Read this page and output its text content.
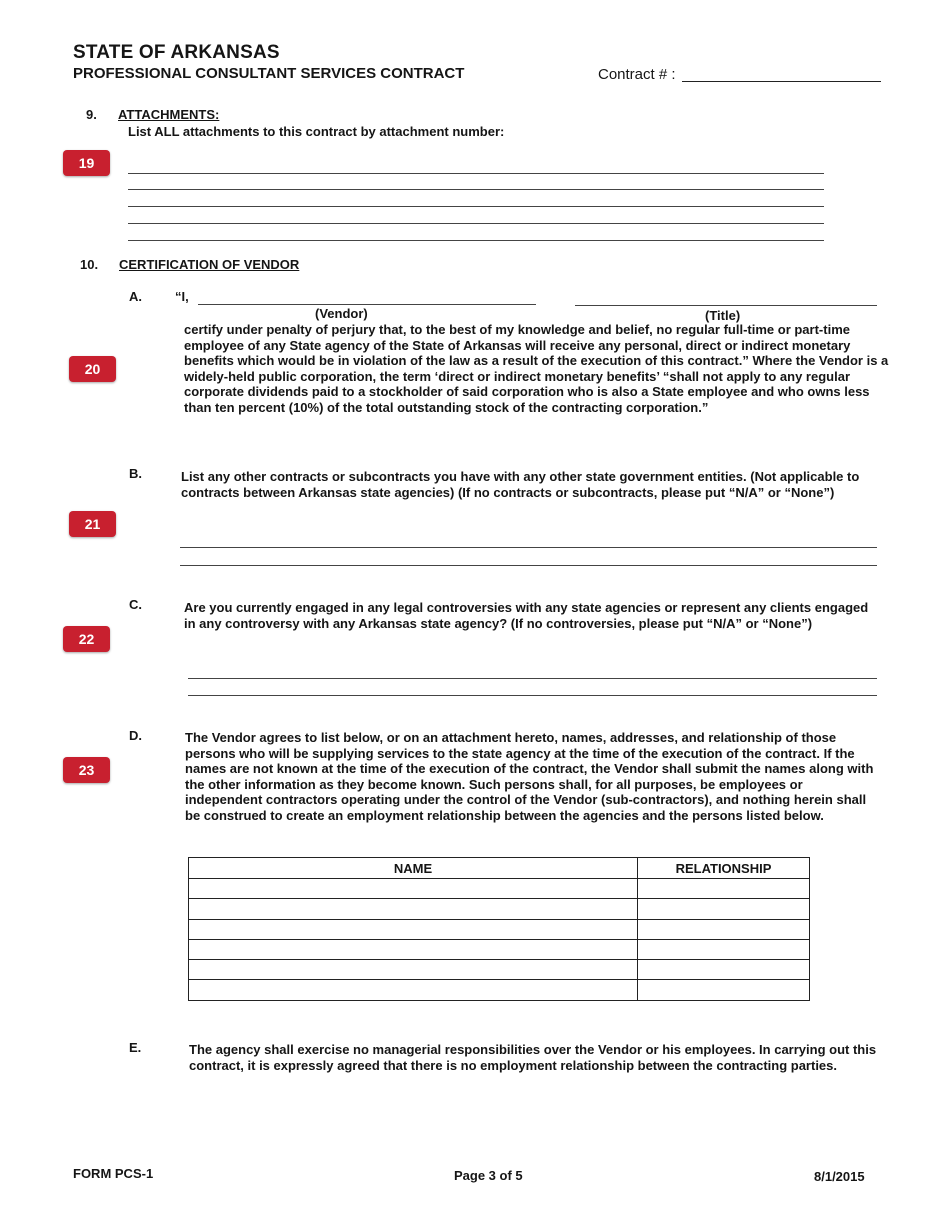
STATE OF ARKANSAS
PROFESSIONAL CONSULTANT SERVICES CONTRACT	Contract # :
9. ATTACHMENTS:
List ALL attachments to this contract by attachment number:
19
10. CERTIFICATION OF VENDOR
A.	“I,
(Vendor)	(Title)
certify under penalty of perjury that, to the best of my knowledge and belief, no regular full-time or part-time employee of any State agency of the State of Arkansas will receive any personal, direct or indirect monetary benefits which would be in violation of the law as a result of the execution of this contract.” Where the Vendor is a widely-held public corporation, the term ‘direct or indirect monetary benefits’ “shall not apply to any regular corporate dividends paid to a stockholder of said corporation who is also a State employee and who owns less than ten percent (10%) of the total outstanding stock of the contracting corporation.”
20
B.	List any other contracts or subcontracts you have with any other state government entities. (Not applicable to contracts between Arkansas state agencies) (If no contracts or subcontracts, please put “N/A” or “None”)
21
C.	Are you currently engaged in any legal controversies with any state agencies or represent any clients engaged in any controversy with any Arkansas state agency? (If no controversies, please put “N/A” or “None”)
22
D.	The Vendor agrees to list below, or on an attachment hereto, names, addresses, and relationship of those persons who will be supplying services to the state agency at the time of the execution of the contract. If the names are not known at the time of the execution of the contract, the Vendor shall submit the names along with the other information as they become known. Such persons shall, for all purposes, be employees or independent contractors operating under the control of the Vendor (sub-contractors), and nothing herein shall be construed to create an employment relationship between the agencies and the persons listed below.
23
NAME	RELATIONSHIP

E.	The agency shall exercise no managerial responsibilities over the Vendor or his employees. In carrying out this contract, it is expressly agreed that there is no employment relationship between the contracting parties.
FORM PCS-1	Page 3 of 5	8/1/2015
